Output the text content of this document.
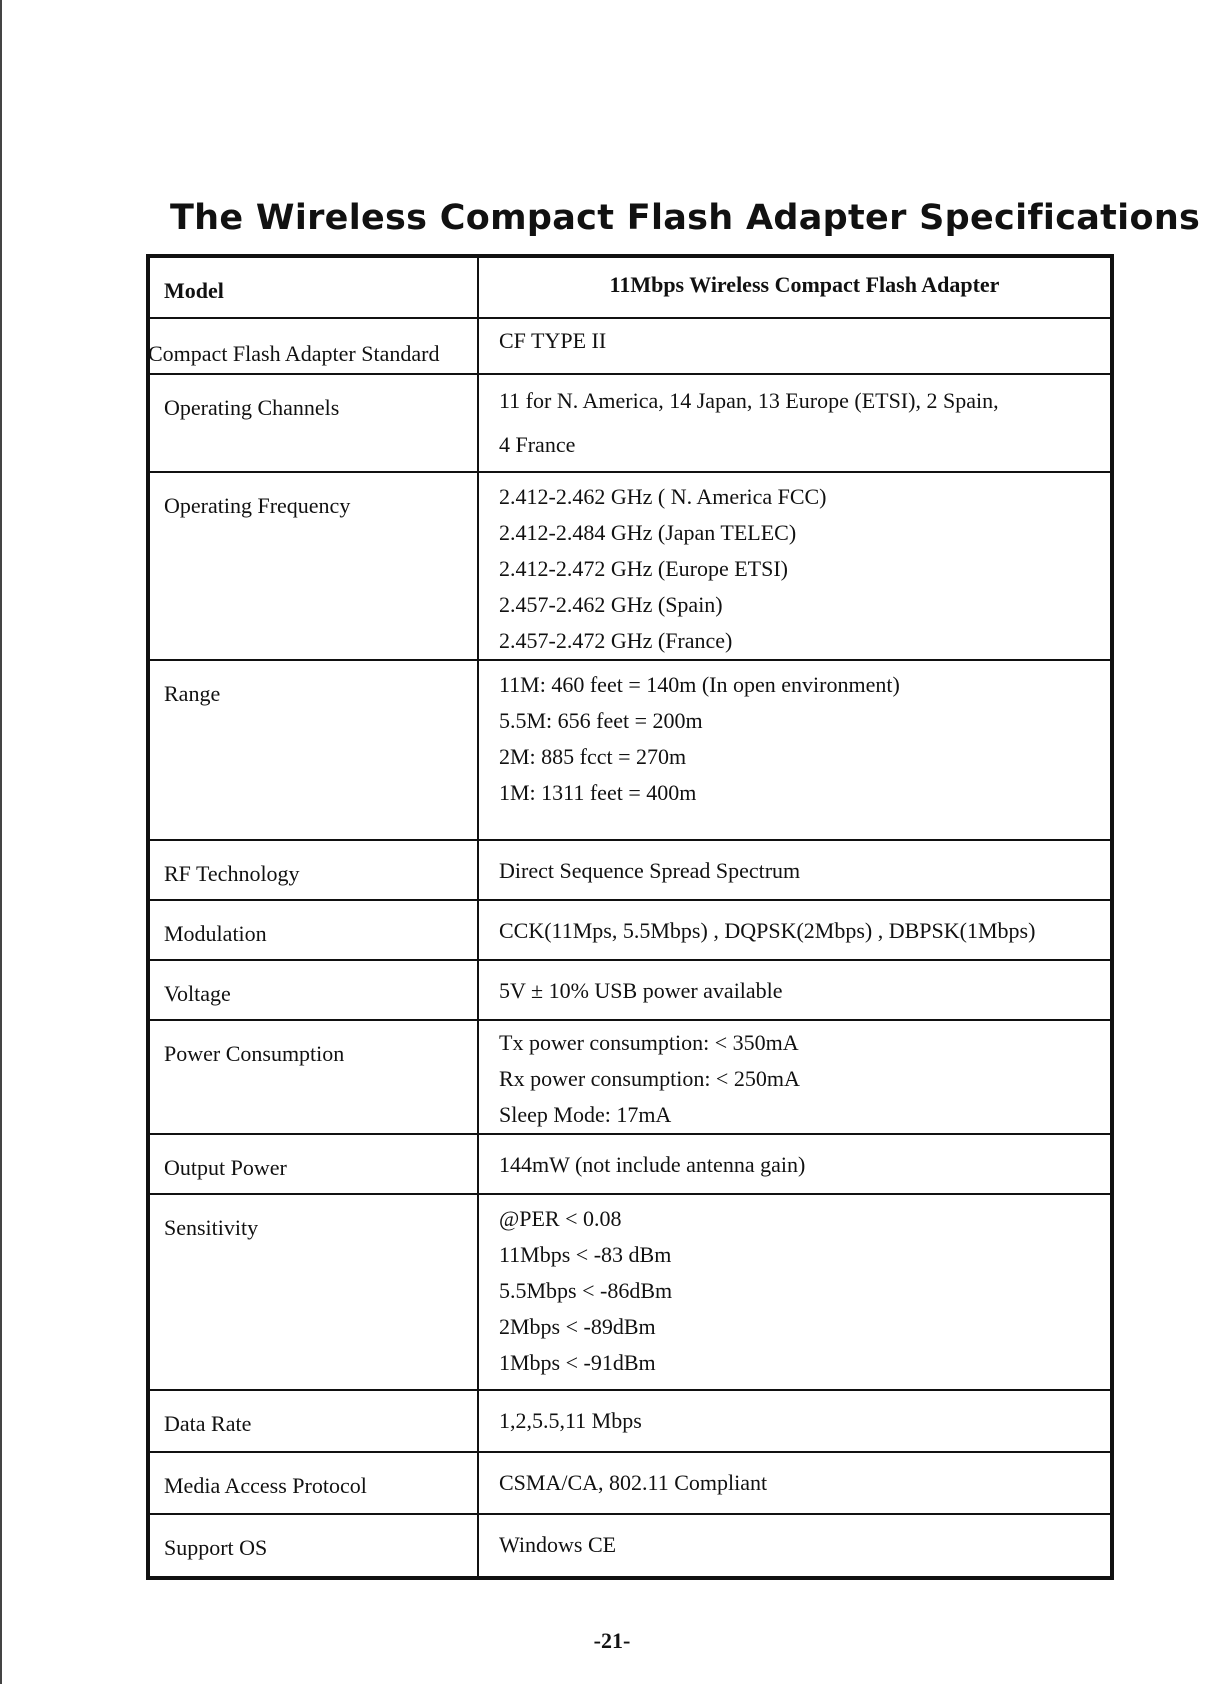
The Wireless Compact Flash Adapter Specifications
Model	11Mbps Wireless Compact Flash Adapter

Compact Flash Adapter Standard	CF TYPE II

Operating Channels	11 for N. America, 14 Japan, 13 Europe (ETSI), 2 Spain,
4 France

Operating Frequency	2.412-2.462 GHz ( N. America FCC)
2.412-2.484 GHz (Japan TELEC)
2.412-2.472 GHz (Europe ETSI)
2.457-2.462 GHz (Spain)
2.457-2.472 GHz (France)

Range	11M: 460 feet = 140m (In open environment)
5.5M: 656 feet = 200m
2M: 885 fcct = 270m
1M: 1311 feet = 400m

RF Technology	Direct Sequence Spread Spectrum

Modulation	CCK(11Mps, 5.5Mbps) , DQPSK(2Mbps) , DBPSK(1Mbps)

Voltage	5V ± 10% USB power available

Power Consumption	Tx power consumption: < 350mA
Rx power consumption: < 250mA
Sleep Mode: 17mA

Output Power	144mW (not include antenna gain)

Sensitivity	@PER < 0.08
11Mbps < -83 dBm
5.5Mbps < -86dBm
2Mbps < -89dBm
1Mbps < -91dBm

Data Rate	1,2,5.5,11 Mbps

Media Access Protocol	CSMA/CA, 802.11 Compliant

Support OS	Windows CE
-21-
